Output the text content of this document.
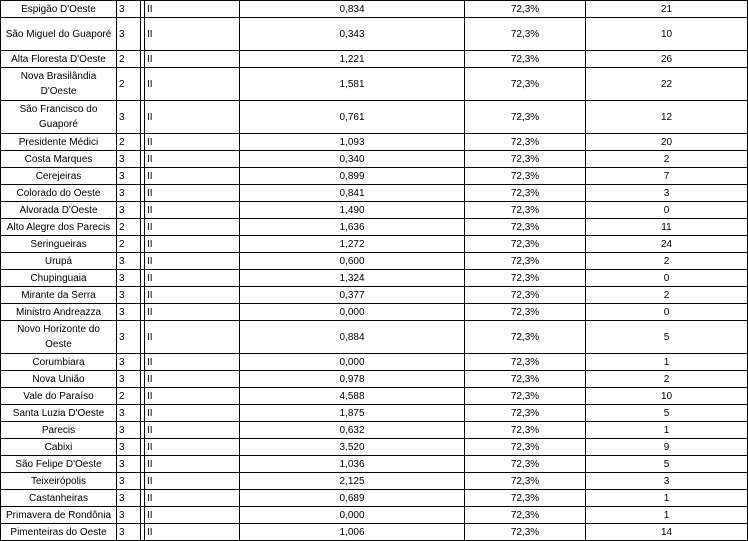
Espigão D'Oeste	3		II	0,834	72,3%	21
São Miguel do Guaporé	3		II	0,343	72,3%	10
Alta Floresta D'Oeste	2		II	1,221	72,3%	26
Nova Brasilândia D'Oeste	2		II	1,581	72,3%	22
São Francisco do Guaporé	3		II	0,761	72,3%	12
Presidente Médici	2		II	1,093	72,3%	20
Costa Marques	3		II	0,340	72,3%	2
Cerejeiras	3		II	0,899	72,3%	7
Colorado do Oeste	3		II	0,841	72,3%	3
Alvorada D'Oeste	3		II	1,490	72,3%	0
Alto Alegre dos Parecis	2		II	1,636	72,3%	11
Seringueiras	2		II	1,272	72,3%	24
Urupá	3		II	0,600	72,3%	2
Chupinguaia	3		II	1,324	72,3%	0
Mirante da Serra	3		II	0,377	72,3%	2
Ministro Andreazza	3		II	0,000	72,3%	0
Novo Horizonte do Oeste	3		II	0,884	72,3%	5
Corumbiara	3		II	0,000	72,3%	1
Nova União	3		II	0,978	72,3%	2
Vale do Paraíso	2		II	4,588	72,3%	10
Santa Luzia D'Oeste	3		II	1,875	72,3%	5
Parecis	3		II	0,632	72,3%	1
Cabixi	3		II	3,520	72,3%	9
São Felipe D'Oeste	3		II	1,036	72,3%	5
Teixeirópolis	3		II	2,125	72,3%	3
Castanheiras	3		II	0,689	72,3%	1
Primavera de Rondônia	3		II	0,000	72,3%	1
Pimenteiras do Oeste	3		II	1,006	72,3%	14
